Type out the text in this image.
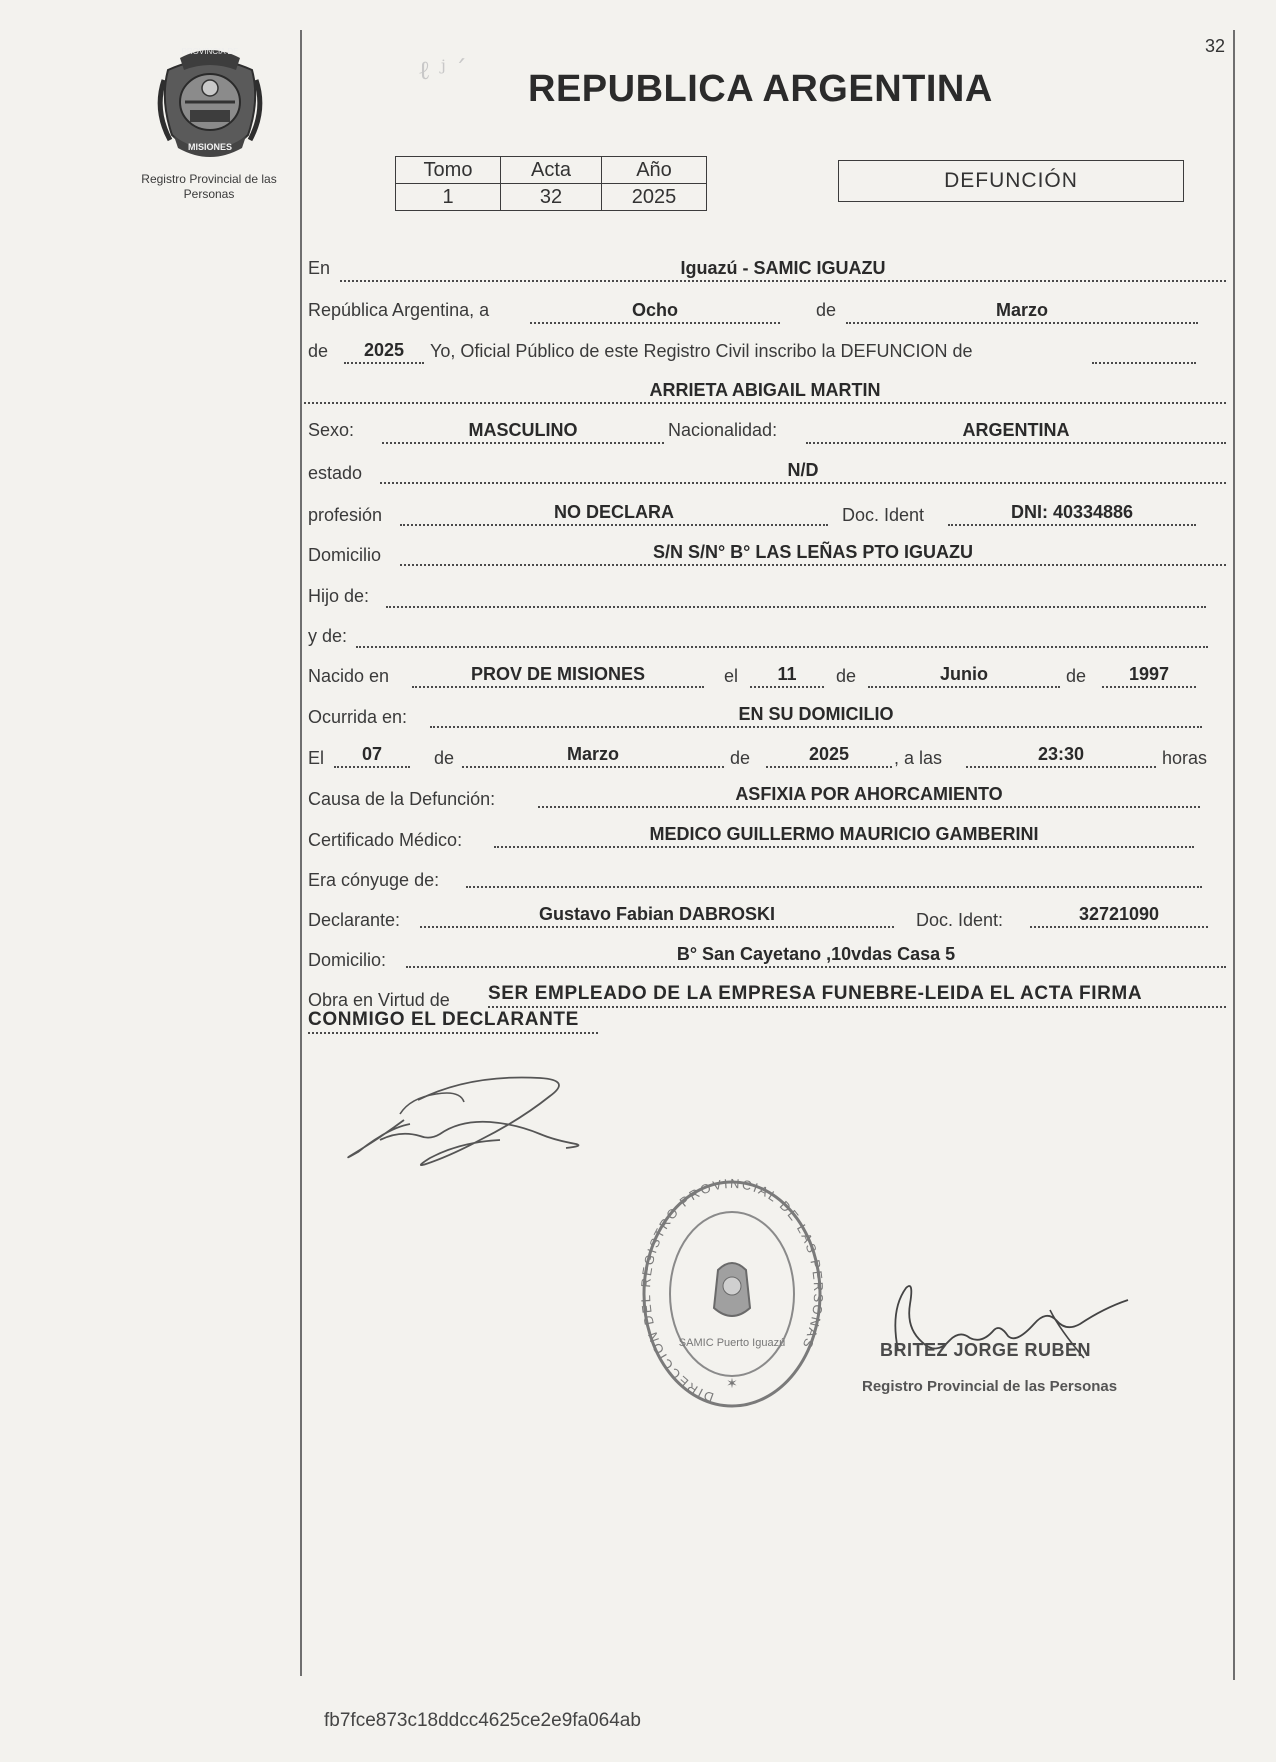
PROVINCIA DE
MISIONES
Registro Provincial de las Personas
32
ℓ ʲ ´ REPUBLICA ARGENTINA
Tomo	Acta	Año
1	32	2025
DEFUNCIÓN
En	Iguazú - SAMIC IGUAZU
República Argentina, a	Ocho	de	Marzo
de	2025	Yo, Oficial Público de este Registro Civil inscribo la DEFUNCION de
ARRIETA ABIGAIL MARTIN
Sexo:	MASCULINO	Nacionalidad:	ARGENTINA
estado	N/D
profesión	NO DECLARA	Doc. Ident	DNI: 40334886
Domicilio	S/N S/N° B° LAS LEÑAS PTO IGUAZU
Hijo de:
y de:
Nacido en	PROV DE MISIONES	el	11	de	Junio	de	1997
Ocurrida en:	EN SU DOMICILIO
El	07	de	Marzo	de	2025	, a las	23:30	horas
Causa de la Defunción:	ASFIXIA POR AHORCAMIENTO
Certificado Médico:	MEDICO GUILLERMO MAURICIO GAMBERINI
Era cónyuge de:
Declarante:	Gustavo Fabian DABROSKI	Doc. Ident:	32721090
Domicilio:	B° San Cayetano ,10vdas Casa 5
Obra en Virtud de SER EMPLEADO DE LA EMPRESA FUNEBRE-LEIDA EL ACTA FIRMA
CONMIGO EL DECLARANTE
DIRECCION DEL REGISTRO PROVINCIAL DE LAS PERSONAS
SAMIC Puerto Iguazú
✶
BRITEZ JORGE RUBEN
Registro Provincial de las Personas
fb7fce873c18ddcc4625ce2e9fa064ab
